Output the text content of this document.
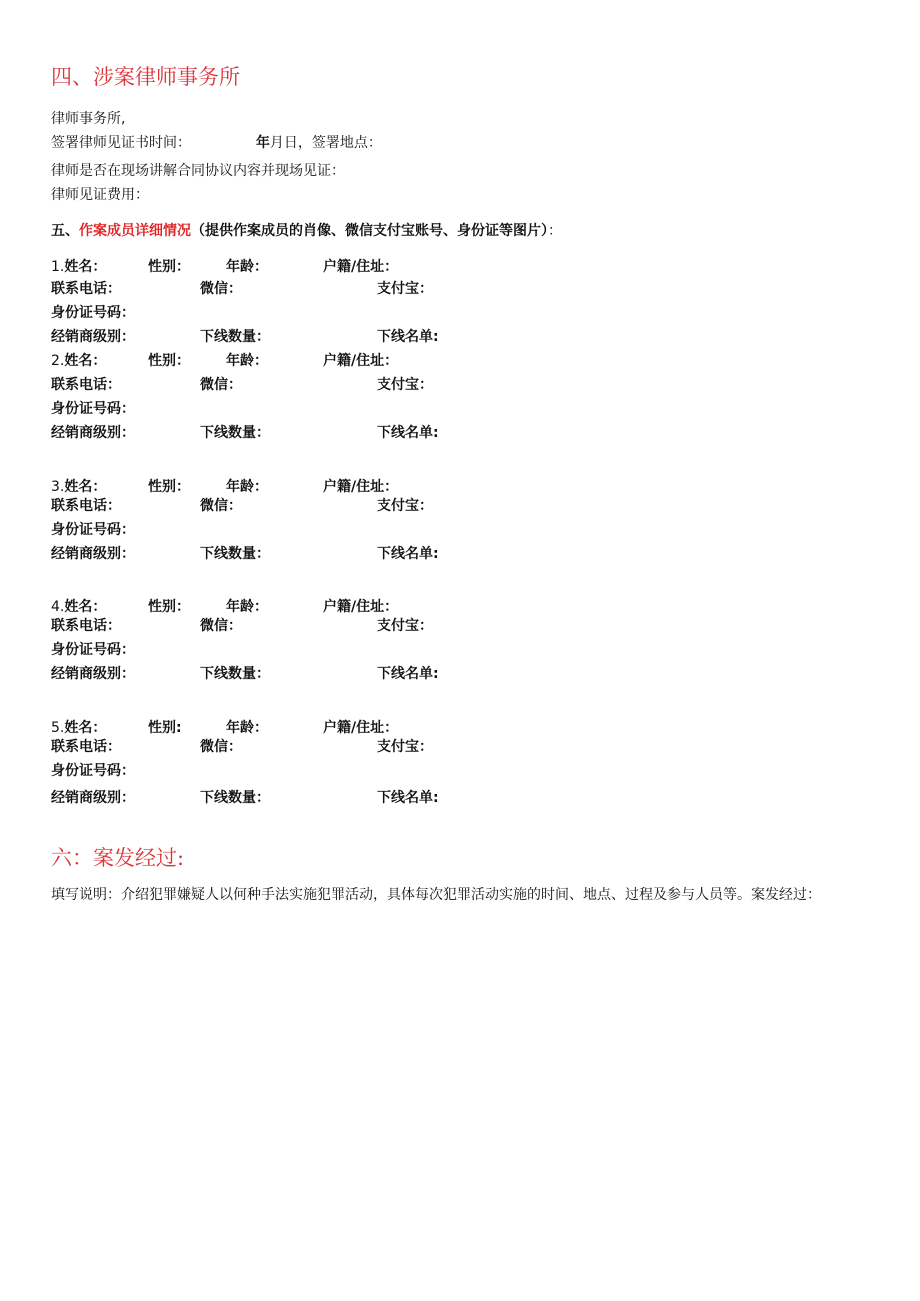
四、涉案律师事务所
律师事务所,
签署律师见证书时间：	年月日，签署地点：
律师是否在现场讲解合同协议内容并现场见证：
律师见证费用：
五、作案成员详细情况（提供作案成员的肖像、微信支付宝账号、身份证等图片）：
1.姓名：	性别：	年龄：	户籍/住址：
联系电话：	微信：	支付宝：
身份证号码：
经销商级别：	下线数量：	下线名单:
2.姓名：	性别：	年龄：	户籍/住址：
联系电话：	微信：	支付宝：
身份证号码：
经销商级别：	下线数量：	下线名单:
3.姓名：	性别：	年龄：	户籍/住址：
联系电话：	微信：	支付宝：
身份证号码：
经销商级别：	下线数量：	下线名单:
4.姓名：	性别：	年龄：	户籍/住址：
联系电话：	微信：	支付宝：
身份证号码：
经销商级别：	下线数量：	下线名单:
5.姓名：	性别:	年龄：	户籍/住址：
联系电话：	微信：	支付宝：
身份证号码：
经销商级别：	下线数量：	下线名单:
六：案发经过:
填写说明：介绍犯罪嫌疑人以何种手法实施犯罪活动，具体每次犯罪活动实施的时间、地点、过程及参与人员等。案发经过：
